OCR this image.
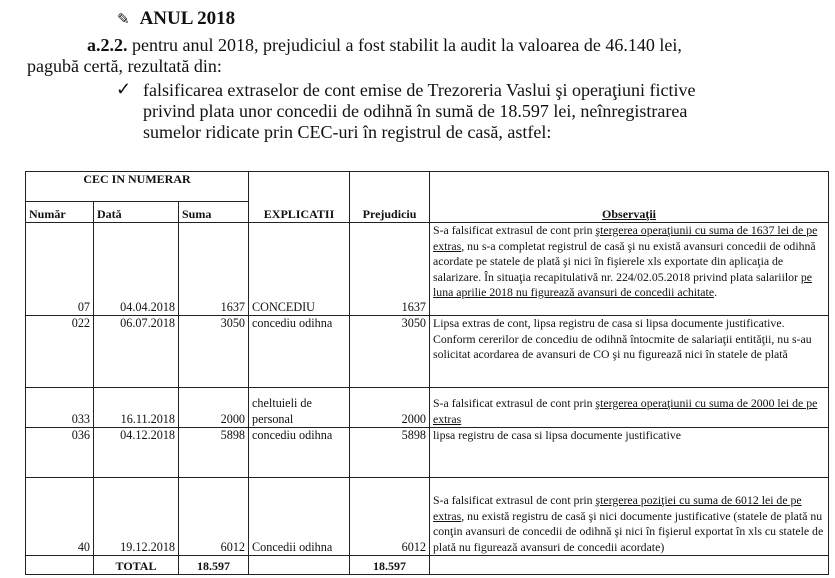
✎ ANUL 2018
a.2.2. pentru anul 2018, prejudiciul a fost stabilit la audit la valoarea de 46.140 lei,
pagubă certă, rezultată din:
✓ falsificarea extraselor de cont emise de Trezoreria Vaslui şi operaţiuni fictive
privind plata unor concedii de odihnă în sumă de 18.597 lei, neînregistrarea
sumelor ridicate prin CEC-uri în registrul de casă, astfel:
CEC IN NUMERAR			EXPLICATII	Prejudiciu	Observaţii
Număr	Dată	Suma			
07	04.04.2018	1637	CONCEDIU	1637	S-a falsificat extrasul de cont prin ştergerea operaţiunii cu suma de 1637 lei de pe extras, nu s-a completat registrul de casă şi nu există avansuri concedii de odihnă acordate pe statele de plată şi nici în fişierele xls exportate din aplicaţia de salarizare. În situaţia recapitulativă nr. 224/02.05.2018 privind plata salariilor pe luna aprilie 2018 nu figurează avansuri de concedii achitate.
022	06.07.2018	3050	concediu odihna	3050	Lipsa extras de cont, lipsa registru de casa si lipsa documente justificative. Conform cererilor de concediu de odihnă întocmite de salariaţii entităţii, nu s-au solicitat acordarea de avansuri de CO şi nu figurează nici în statele de plată
033	16.11.2018	2000	cheltuieli de personal	2000	S-a falsificat extrasul de cont prin ştergerea operaţiunii cu suma de 2000 lei de pe extras
036	04.12.2018	5898	concediu odihna	5898	lipsa registru de casa si lipsa documente justificative
40	19.12.2018	6012	Concedii odihna	6012	S-a falsificat extrasul de cont prin ştergerea poziţiei cu suma de 6012 lei de pe extras, nu există registru de casă şi nici documente justificative (statele de plată nu conţin avansuri de concedii de odihnă şi nici în fişierul exportat în xls cu statele de plată nu figurează avansuri de concedii acordate)
	TOTAL	18.597		18.597	
